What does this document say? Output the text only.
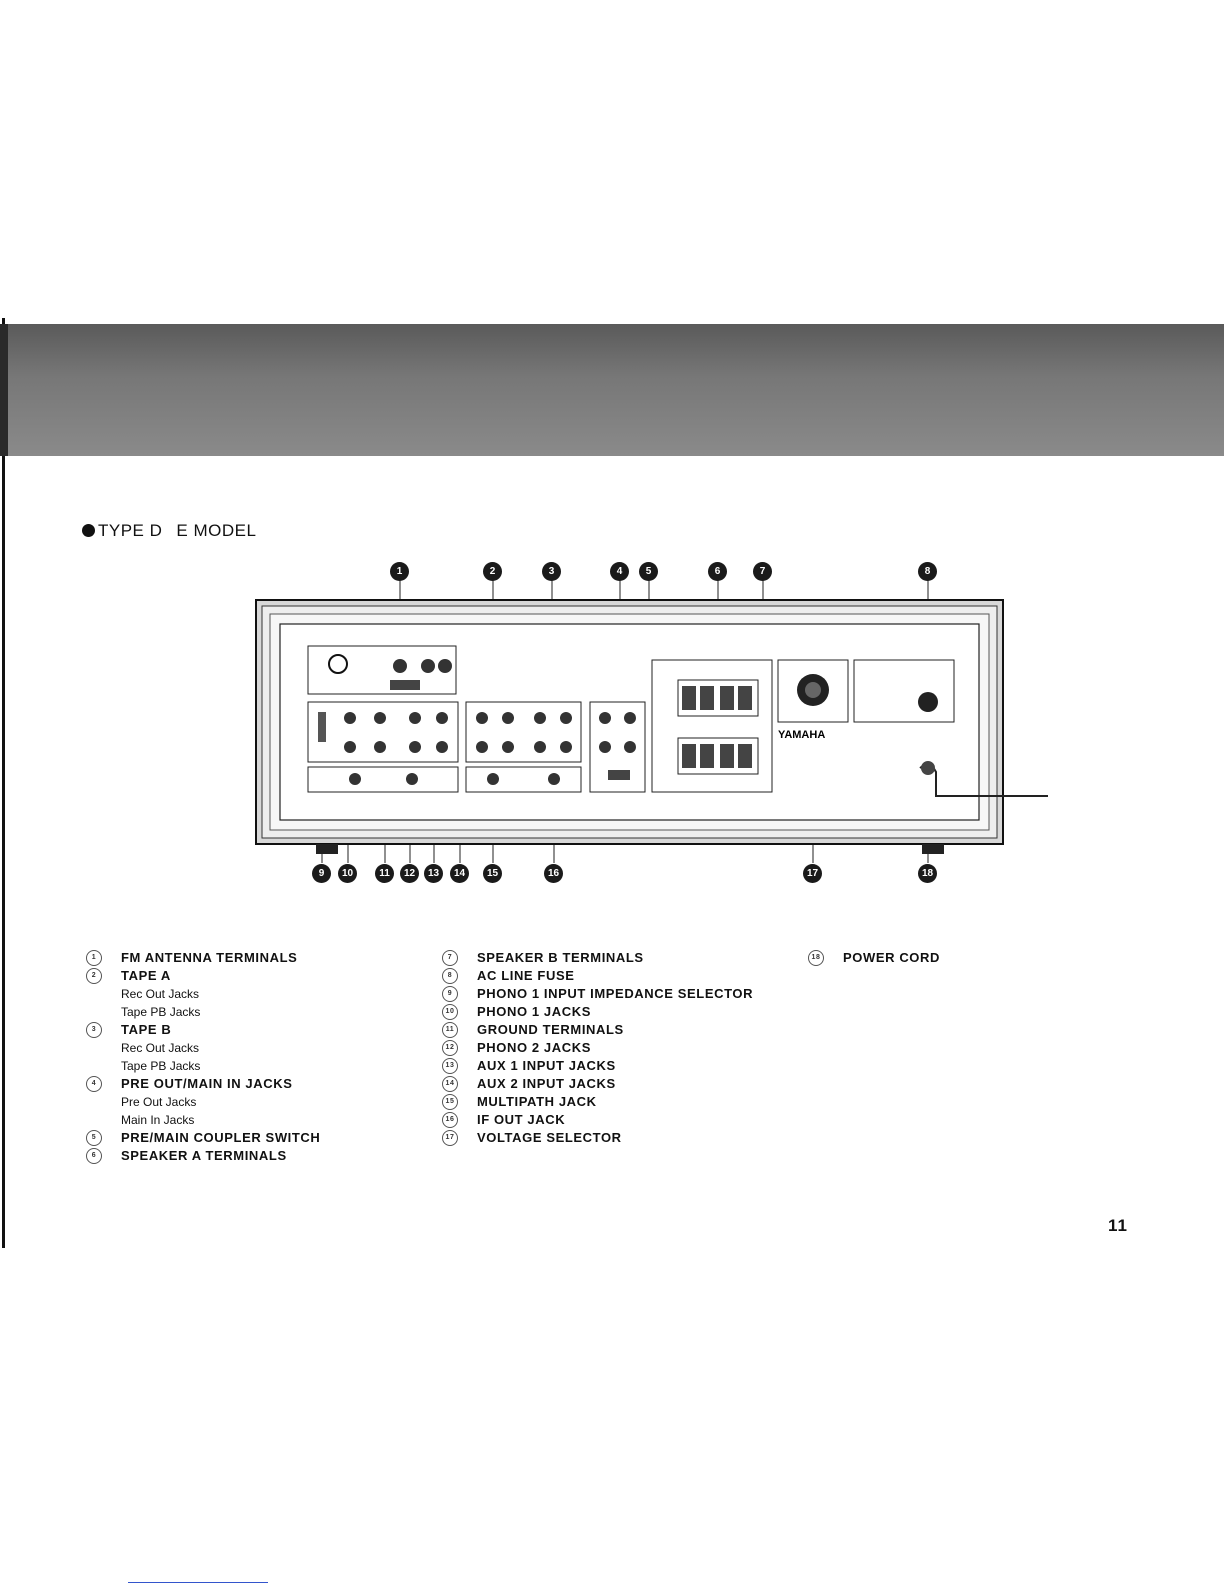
TYPE D E MODEL
YAMAHA
1	2	3	4	5	6	7	8
9	10	11	12	13	14	15	16	17	18
1	FM ANTENNA TERMINALS
2	TAPE A
Rec Out Jacks
Tape PB Jacks
3	TAPE B
Rec Out Jacks
Tape PB Jacks
4	PRE OUT/MAIN IN JACKS
Pre Out Jacks
Main In Jacks
5	PRE/MAIN COUPLER SWITCH
6	SPEAKER A TERMINALS
7	SPEAKER B TERMINALS
8	AC LINE FUSE
9	PHONO 1 INPUT IMPEDANCE SELECTOR
10 PHONO 1 JACKS
11 GROUND TERMINALS
12 PHONO 2 JACKS
13 AUX 1 INPUT JACKS
14 AUX 2 INPUT JACKS
15 MULTIPATH JACK
16 IF OUT JACK
17 VOLTAGE SELECTOR
18 POWER CORD
11
